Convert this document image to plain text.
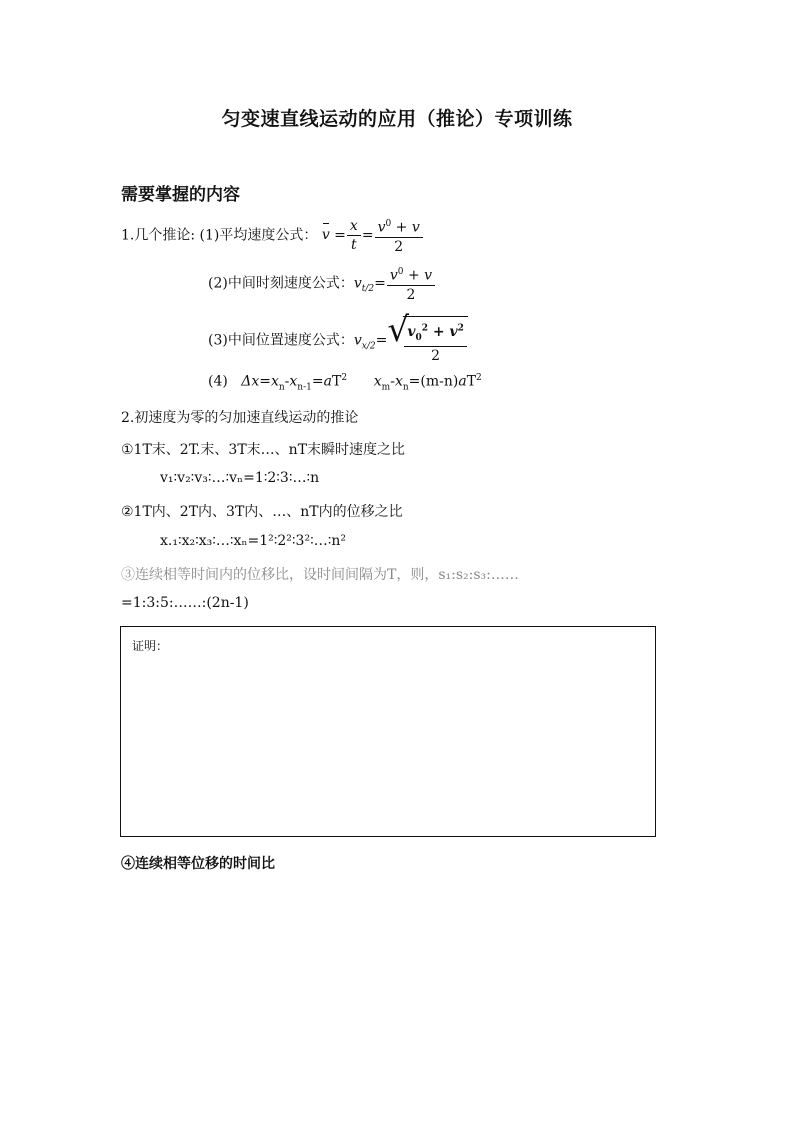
匀变速直线运动的应用（推论）专项训练
需要掌握的内容
1.几个推论: (1)平均速度公式： $v = \frac{x}{t} = \frac{v^0 + v}{2}$
(2)中间时刻速度公式：$v_{t/2}= \frac{v^0 + v}{2}$
(3)中间位置速度公式：$v_{x/2}=$ √
$\frac{v_0^2 + v^2}{2}$
(4) $\Delta x=x_n-x_{n-1}=aT^2$ $x_m-x_n=(m-n)aT^2$
2.初速度为零的匀加速直线运动的推论
①1T末、2T.末、3T末…、nT末瞬时速度之比
v₁∶v₂∶v₃∶…∶vₙ=1∶2∶3∶…∶n
②1T内、2T内、3T内、…、nT内的位移之比
x.₁∶x₂∶x₃∶…∶xₙ=1²∶2²∶3²∶…∶n²
③连续相等时间内的位移比，设时间间隔为T，则，s₁:s₂:s₃:……
=1:3:5:……:(2n-1)
证明：
④连续相等位移的时间比
